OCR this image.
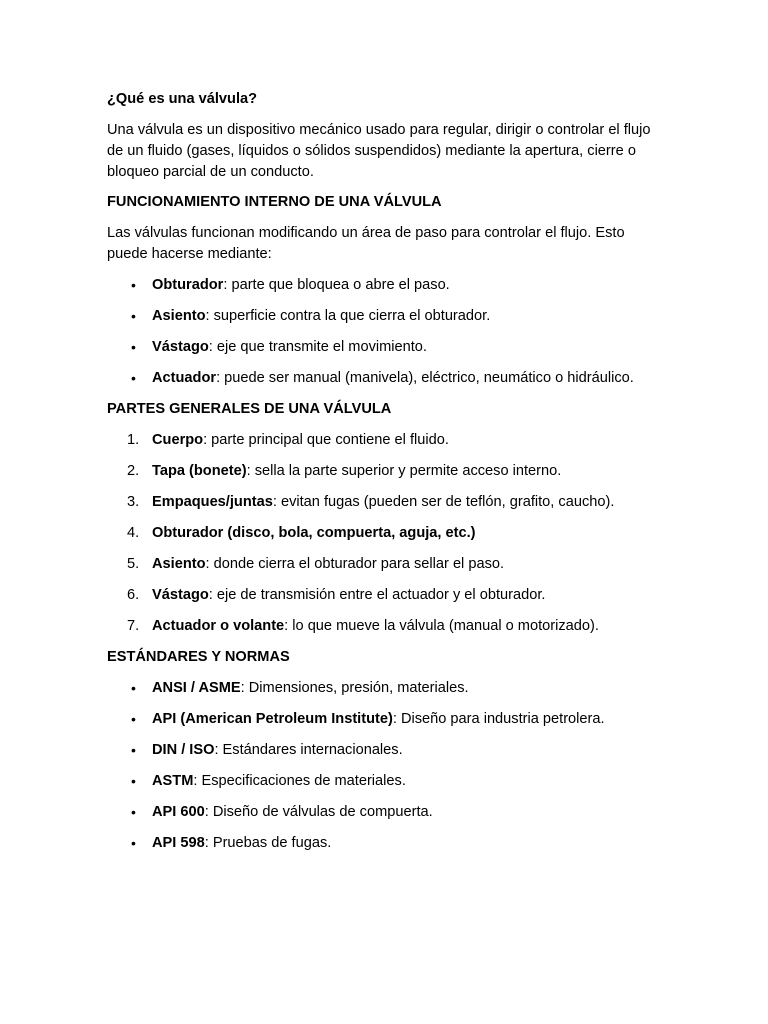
¿Qué es una válvula?

Una válvula es un dispositivo mecánico usado para regular, dirigir o controlar el flujo de un fluido (gases, líquidos o sólidos suspendidos) mediante la apertura, cierre o bloqueo parcial de un conducto.

FUNCIONAMIENTO INTERNO DE UNA VÁLVULA

Las válvulas funcionan modificando un área de paso para controlar el flujo. Esto puede hacerse mediante:

• Obturador: parte que bloquea o abre el paso.
• Asiento: superficie contra la que cierra el obturador.
• Vástago: eje que transmite el movimiento.
• Actuador: puede ser manual (manivela), eléctrico, neumático o hidráulico.

PARTES GENERALES DE UNA VÁLVULA

1. Cuerpo: parte principal que contiene el fluido.
2. Tapa (bonete): sella la parte superior y permite acceso interno.
3. Empaques/juntas: evitan fugas (pueden ser de teflón, grafito, caucho).
4. Obturador (disco, bola, compuerta, aguja, etc.)
5. Asiento: donde cierra el obturador para sellar el paso.
6. Vástago: eje de transmisión entre el actuador y el obturador.
7. Actuador o volante: lo que mueve la válvula (manual o motorizado).

ESTÁNDARES Y NORMAS

• ANSI / ASME: Dimensiones, presión, materiales.
• API (American Petroleum Institute): Diseño para industria petrolera.
• DIN / ISO: Estándares internacionales.
• ASTM: Especificaciones de materiales.
• API 600: Diseño de válvulas de compuerta.
• API 598: Pruebas de fugas.
